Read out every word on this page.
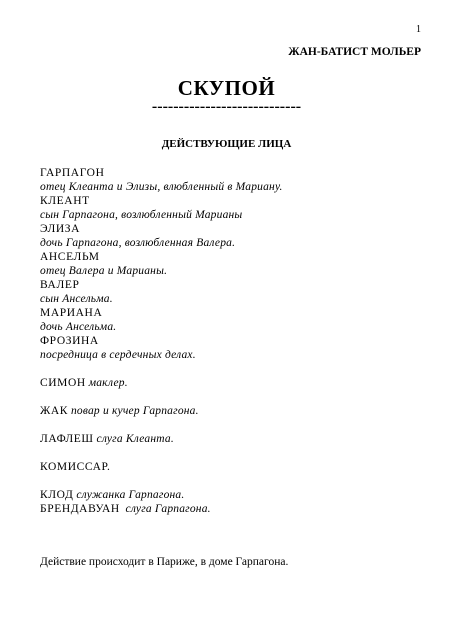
1
ЖАН-БАТИСТ МОЛЬЕР
СКУПОЙ
----------------------------
ДЕЙСТВУЮЩИЕ ЛИЦА
ГАРПАГОН
отец Клеанта и Элизы, влюбленный в Мариану.
КЛЕАНТ
сын Гарпагона, возлюбленный Марианы
ЭЛИЗА
дочь Гарпагона, возлюбленная Валера.
АНСЕЛЬМ
отец Валера и Марианы.
ВАЛЕР
сын Ансельма.
МАРИАНА
дочь Ансельма.
ФРОЗИНА
посредница в сердечных делах.
СИМОН маклер.
ЖАК повар и кучер Гарпагона.
ЛАФЛЕШ слуга Клеанта.
КОМИССАР.
КЛОД служанка Гарпагона.
БРЕНДАВУАН слуга Гарпагона.
Действие происходит в Париже, в доме Гарпагона.
